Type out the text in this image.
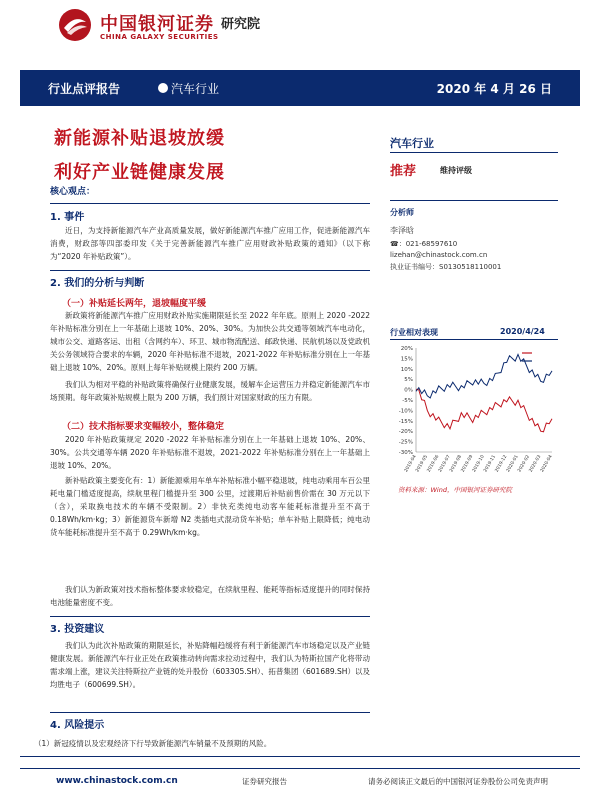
中国银河证券
CHINA GALAXY SECURITIES
研究院
行业点评报告	汽车行业	2020 年 4 月 26 日
新能源补贴退坡放缓
利好产业链健康发展
核心观点：
1. 事件

近日，为支持新能源汽车产业高质量发展，做好新能源汽车推广应用工作，促进新能源汽车消费，财政部等四部委印发《关于完善新能源汽车推广应用财政补贴政策的通知》（以下称为“2020 年补贴政策”）。

2. 我们的分析与判断
（一）补贴延长两年，退坡幅度平缓

新政策将新能源汽车推广应用财政补贴实施期限延长至 2022 年年底。原则上 2020 -2022 年补贴标准分别在上一年基础上退坡 10%、20%、30%。为加快公共交通等领域汽车电动化，城市公交、道路客运、出租（含网约车）、环卫、城市物流配送、邮政快递、民航机场以及党政机关公务领域符合要求的车辆，2020 年补贴标准不退坡，2021-2022 年补贴标准分别在上一年基础上退坡 10%、20%。原则上每年补贴规模上限约 200 万辆。

我们认为相对平稳的补贴政策将确保行业健康发展，缓解车企运营压力并稳定新能源汽车市场预期。每年政策补贴规模上限为 200 万辆，我们预计对国家财政的压力有限。

（二）技术指标要求变幅较小，整体稳定

2020 年补贴政策规定 2020 -2022 年补贴标准分别在上一年基础上退坡 10%、20%、30%。公共交通等车辆 2020 年补贴标准不退坡，2021-2022 年补贴标准分别在上一年基础上退坡 10%、20%。

新补贴政策主要变化有：1）新能源乘用车单车补贴标准小幅平稳退坡，纯电动乘用车百公里耗电量门槛适度提高，续航里程门槛提升至 300 公里，过渡期后补贴前售价需在 30 万元以下（含），采取换电技术的车辆不受限制。2）非快充类纯电动客车能耗标准提升至不高于 0.18Wh/km·kg；3）新能源货车新增 N2 类插电式混动货车补贴；单车补贴上限降低；纯电动货车能耗标准提升至不高于 0.29Wh/km·kg。

我们认为新政策对技术指标整体要求较稳定，在续航里程、能耗等指标适度提升的同时保持电池能量密度不变。

3. 投资建议

我们认为此次补贴政策的期限延长，补贴降幅趋缓将有利于新能源汽车市场稳定以及产业链健康发展。新能源汽车行业正处在政策推动转向需求拉动过程中，我们认为特斯拉国产化将带动需求端上涨，建议关注特斯拉产业链的处升股份（603305.SH）、拓普集团（601689.SH）以及均胜电子（600699.SH）。

4. 风险提示
（1）新冠疫情以及宏观经济下行导致新能源汽车销量不及预期的风险。
汽车行业
推荐	维持评级
分析师
李泽晗
☎：021-68597610
lizehan@chinastock.com.cn
执业证书编号：S0130518110001
行业相对表现	2020/4/24
20%
15%
10%
5%
0%
-5%
-10%
-15%
-20%
-25%
-30%
2019-04
2019-05
2019-06
2019-07
2019-08
2019-09
2019-10
2019-11
2019-12
2020-01
2020-02
2020-03
2020-04
资料来源：Wind，中国银河证券研究院
www.chinastock.com.cn	证券研究报告	请务必阅读正文最后的中国银河证券股份公司免责声明
